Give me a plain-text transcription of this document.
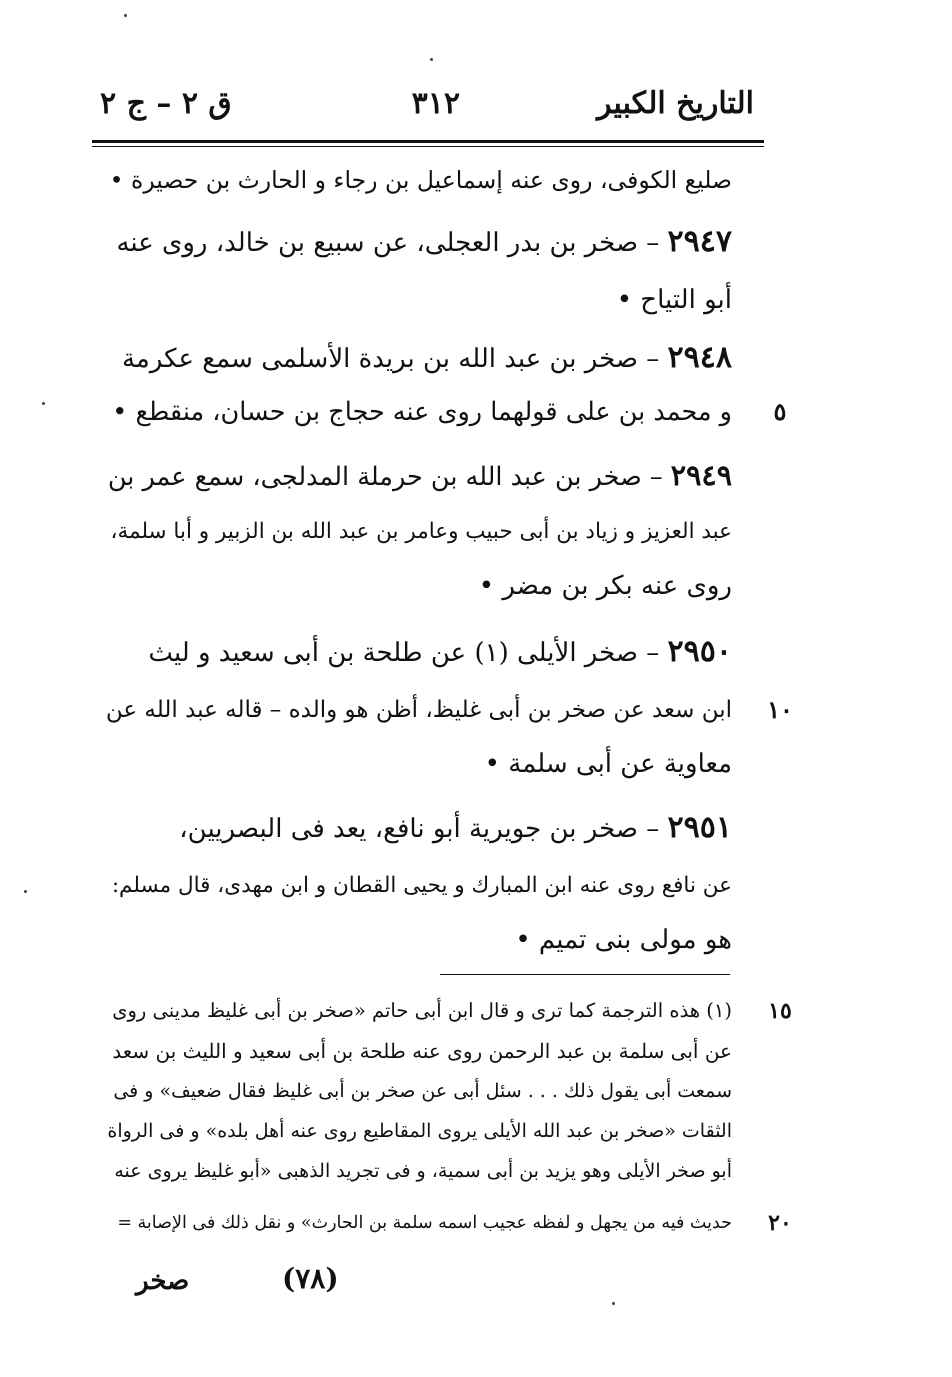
التاريخ الكبير
٣١٢
ق ٢ – ج ٢
صليع الكوفى، روى عنه إسماعيل بن رجاء و الحارث بن حصيرة •
٢٩٤٧ – صخر بن بدر العجلى، عن سبيع بن خالد، روى عنه
أبو التياح •
٢٩٤٨ – صخر بن عبد الله بن بريدة الأسلمى سمع عكرمة
و محمد بن على قولهما روى عنه حجاج بن حسان، منقطع •	٥
٢٩٤٩ – صخر بن عبد الله بن حرملة المدلجى، سمع عمر بن
عبد العزيز و زياد بن أبى حبيب وعامر بن عبد الله بن الزبير و أبا سلمة،
روى عنه بكر بن مضر •
٢٩٥٠ – صخر الأيلى (١) عن طلحة بن أبى سعيد و ليث
ابن سعد عن صخر بن أبى غليظ، أظن هو والده – قاله عبد الله عن ١٠
معاوية عن أبى سلمة •
٢٩٥١ – صخر بن جويرية أبو نافع، يعد فى البصريين،
عن نافع روى عنه ابن المبارك و يحيى القطان و ابن مهدى، قال مسلم:
هو مولى بنى تميم •
(١) هذه الترجمة كما ترى و قال ابن أبى حاتم «صخر بن أبى غليظ مدينى روى	١٥
عن أبى سلمة بن عبد الرحمن روى عنه طلحة بن أبى سعيد و الليث بن سعد
سمعت أبى يقول ذلك . . . سئل أبى عن صخر بن أبى غليظ فقال ضعيف» و فى
الثقات «صخر بن عبد الله الأيلى يروى المقاطيع روى عنه أهل بلده» و فى الرواة
أبو صخر الأيلى وهو يزيد بن أبى سمية، و فى تجريد الذهبى «أبو غليظ يروى عنه
حديث فيه من يجهل و لفظه عجيب اسمه سلمة بن الحارث» و نقل ذلك فى الإصابة =	٢٠
(٧٨)
صخر
